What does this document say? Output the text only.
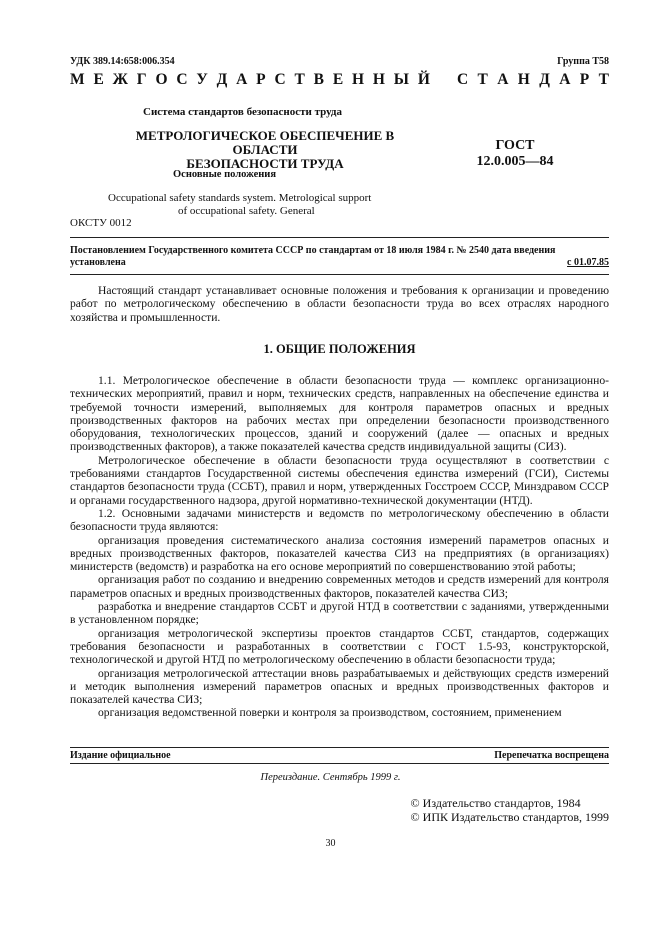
УДК 389.14:658:006.354	Группа Т58
М Е Ж Г О С У Д А Р С Т В Е Н Н Ы Й С Т А Н Д А Р Т
Система стандартов безопасности труда
МЕТРОЛОГИЧЕСКОЕ ОБЕСПЕЧЕНИЕ В ОБЛАСТИ
БЕЗОПАСНОСТИ ТРУДА
ГОСТ
12.0.005—84
Основные положения
Occupational safety standards system. Metrological support
of occupational safety. General
ОКСТУ 0012
Постановлением Государственного комитета СССР по стандартам от 18 июля 1984 г. № 2540 дата введения
установлена	с 01.07.85

Настоящий стандарт устанавливает основные положения и требования к организации и проведению работ по метрологическому обеспечению в области безопасности труда во всех отраслях народного хозяйства и промышленности.

1. ОБЩИЕ ПОЛОЖЕНИЯ

1.1. Метрологическое обеспечение в области безопасности труда — комплекс организационно-технических мероприятий, правил и норм, технических средств, направленных на обеспечение единства и требуемой точности измерений, выполняемых для контроля параметров опасных и вредных производственных факторов на рабочих местах при определении безопасности производственного оборудования, технологических процессов, зданий и сооружений (далее — опасных и вредных производственных факторов), а также показателей качества средств индивидуальной защиты (СИЗ).

Метрологическое обеспечение в области безопасности труда осуществляют в соответствии с требованиями стандартов Государственной системы обеспечения единства измерений (ГСИ), Системы стандартов безопасности труда (ССБТ), правил и норм, утвержденных Госстроем СССР, Минздравом СССР и органами государственного надзора, другой нормативно-технической документации (НТД).

1.2. Основными задачами министерств и ведомств по метрологическому обеспечению в области безопасности труда являются:

организация проведения систематического анализа состояния измерений параметров опасных и вредных производственных факторов, показателей качества СИЗ на предприятиях (в организациях) министерств (ведомств) и разработка на его основе мероприятий по совершенствованию этой работы;

организация работ по созданию и внедрению современных методов и средств измерений для контроля параметров опасных и вредных производственных факторов, показателей качества СИЗ;

разработка и внедрение стандартов ССБТ и другой НТД в соответствии с заданиями, утвержденными в установленном порядке;

организация метрологической экспертизы проектов стандартов ССБТ, стандартов, содержащих требования безопасности и разработанных в соответствии с ГОСТ 1.5-93, конструкторской, технологической и другой НТД по метрологическому обеспечению в области безопасности труда;

организация метрологической аттестации вновь разрабатываемых и действующих средств измерений и методик выполнения измерений параметров опасных и вредных производственных факторов и показателей качества СИЗ;

организация ведомственной поверки и контроля за производством, состоянием, применением

Издание официальное	Перепечатка воспрещена
Переиздание. Сентябрь 1999 г.
© Издательство стандартов, 1984
© ИПК Издательство стандартов, 1999
30
